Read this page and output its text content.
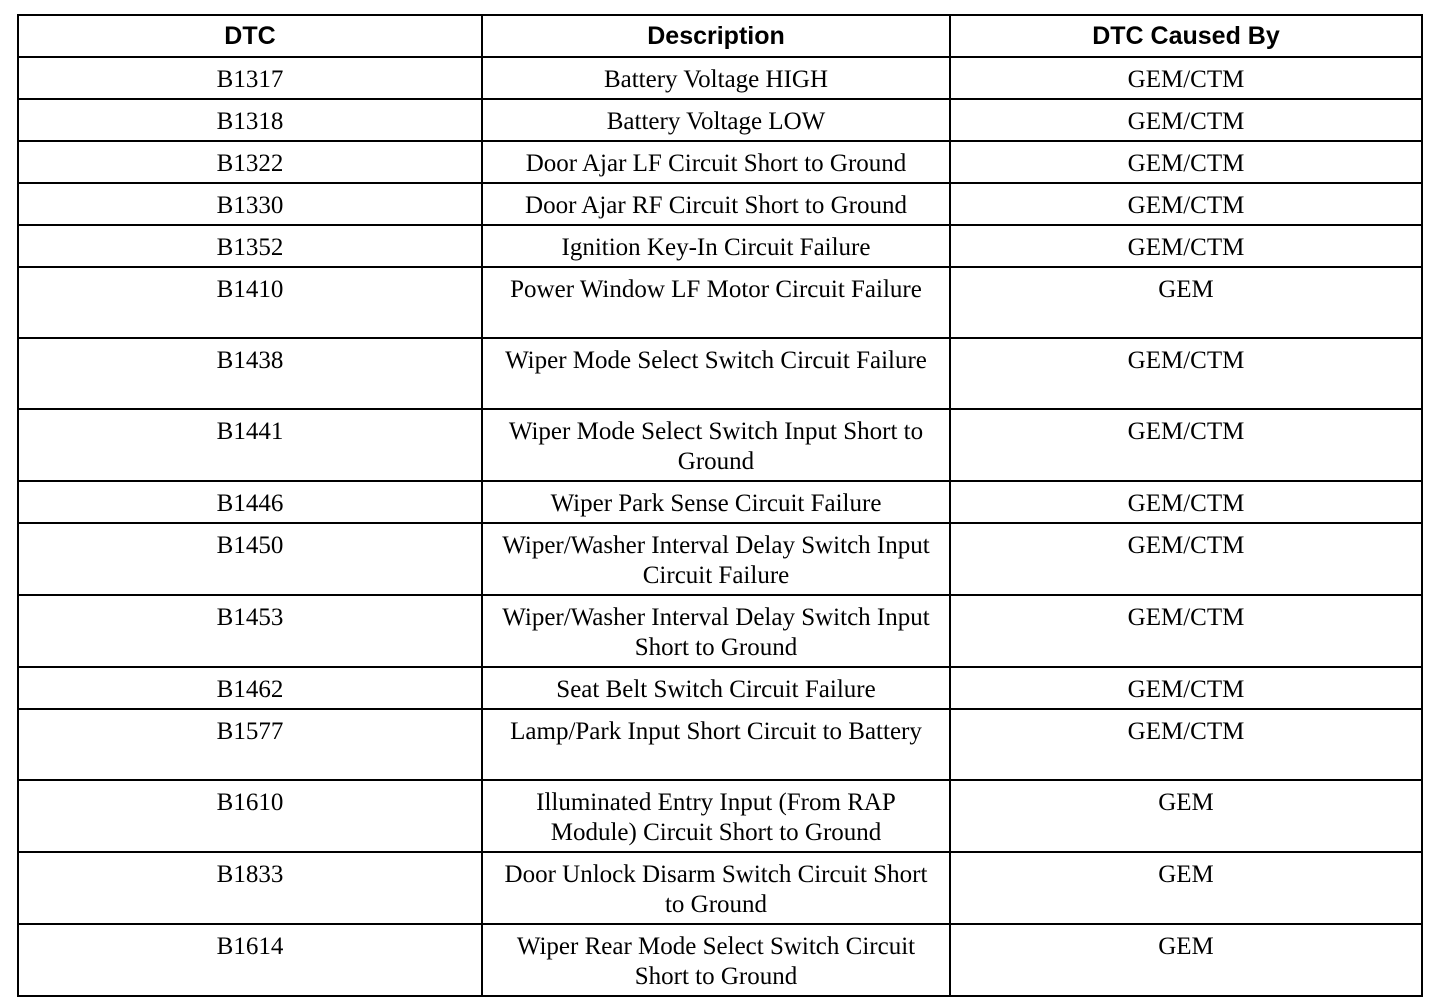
DTC	Description	DTC Caused By
B1317	Battery Voltage HIGH	GEM/CTM
B1318	Battery Voltage LOW	GEM/CTM
B1322	Door Ajar LF Circuit Short to Ground	GEM/CTM
B1330	Door Ajar RF Circuit Short to Ground	GEM/CTM
B1352	Ignition Key-In Circuit Failure	GEM/CTM
B1410	Power Window LF Motor Circuit Failure	GEM
B1438	Wiper Mode Select Switch Circuit Failure	GEM/CTM
B1441	Wiper Mode Select Switch Input Short to Ground	GEM/CTM
B1446	Wiper Park Sense Circuit Failure	GEM/CTM
B1450	Wiper/Washer Interval Delay Switch Input Circuit Failure	GEM/CTM
B1453	Wiper/Washer Interval Delay Switch Input Short to Ground	GEM/CTM
B1462	Seat Belt Switch Circuit Failure	GEM/CTM
B1577	Lamp/Park Input Short Circuit to Battery	GEM/CTM
B1610	Illuminated Entry Input (From RAP Module) Circuit Short to Ground	GEM
B1833	Door Unlock Disarm Switch Circuit Short to Ground	GEM
B1614	Wiper Rear Mode Select Switch Circuit Short to Ground	GEM
